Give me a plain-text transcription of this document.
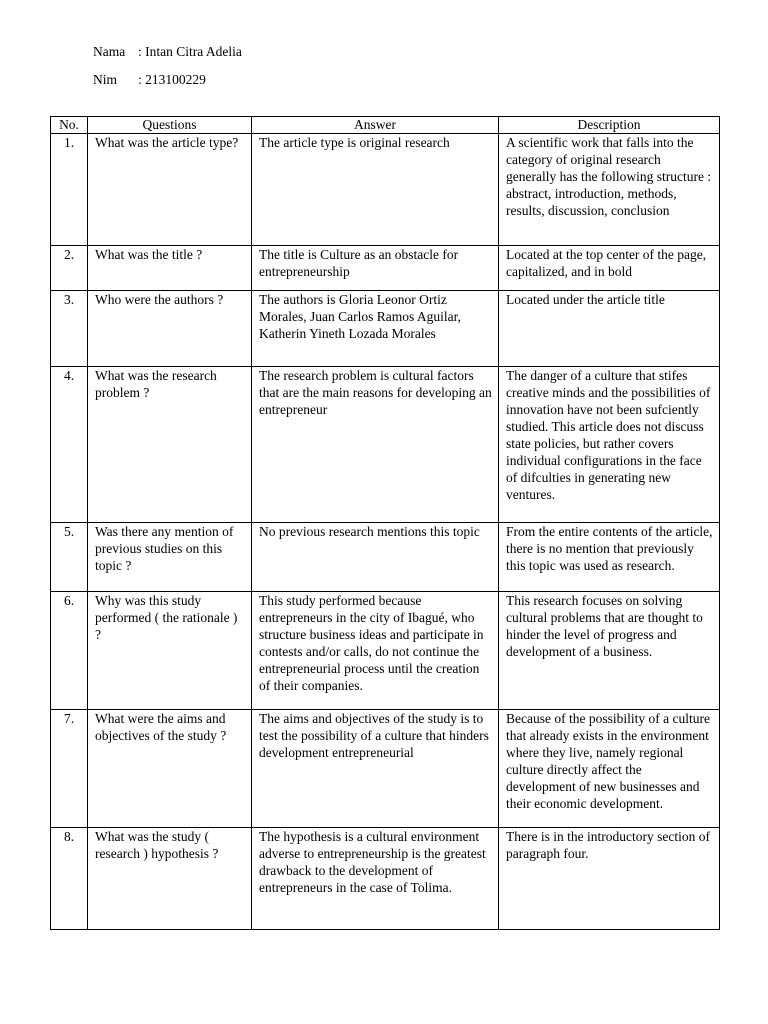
Nama : Intan Citra Adelia
Nim : 213100229
No.	Questions	Answer	Description
1.	What was the article type?	The article type is original research	A scientific work that falls into the category of original research generally has the following structure : abstract, introduction, methods, results, discussion, conclusion
2.	What was the title ?	The title is Culture as an obstacle for entrepreneurship	Located at the top center of the page, capitalized, and in bold
3.	Who were the authors ?	The authors is Gloria Leonor Ortiz Morales, Juan Carlos Ramos Aguilar, Katherin Yineth Lozada Morales	Located under the article title
4.	What was the research problem ?	The research problem is cultural factors that are the main reasons for developing an entrepreneur	The danger of a culture that stifes creative minds and the possibilities of innovation have not been sufciently studied. This article does not discuss state policies, but rather covers individual configurations in the face of difculties in generating new ventures.
5.	Was there any mention of previous studies on this topic ?	No previous research mentions this topic	From the entire contents of the article, there is no mention that previously this topic was used as research.
6.	Why was this study performed ( the rationale ) ?	This study performed because entrepreneurs in the city of Ibagué, who structure business ideas and participate in contests and/or calls, do not continue the entrepreneurial process until the creation of their companies.	This research focuses on solving cultural problems that are thought to hinder the level of progress and development of a business.
7.	What were the aims and objectives of the study ?	The aims and objectives of the study is to test the possibility of a culture that hinders development entrepreneurial	Because of the possibility of a culture that already exists in the environment where they live, namely regional culture directly affect the development of new businesses and their economic development.
8.	What was the study ( research ) hypothesis ?	The hypothesis is a cultural environment adverse to entrepreneurship is the greatest drawback to the development of entrepreneurs in the case of Tolima.	There is in the introductory section of paragraph four.
